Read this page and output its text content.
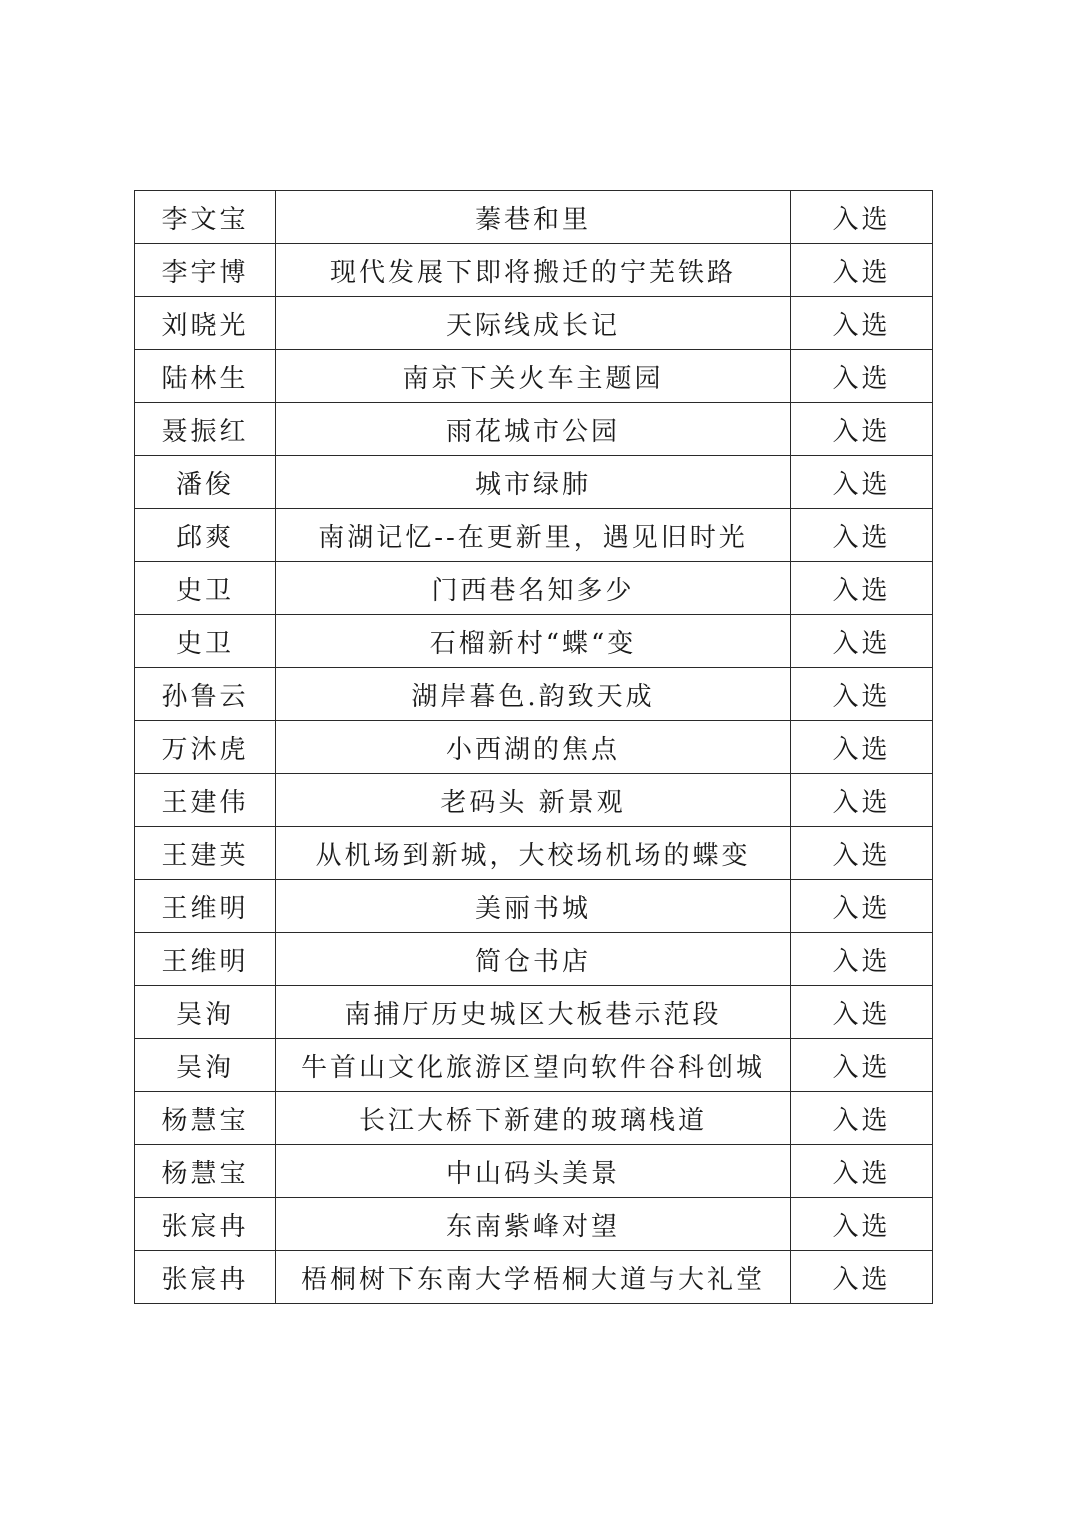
李文宝	蓁巷和里	入选
李宇博	现代发展下即将搬迁的宁芜铁路	入选
刘晓光	天际线成长记	入选
陆林生	南京下关火车主题园	入选
聂振红	雨花城市公园	入选
潘俊	城市绿肺	入选
邱爽	南湖记忆--在更新里，遇见旧时光	入选
史卫	门西巷名知多少	入选
史卫	石榴新村“蝶“变	入选
孙鲁云	湖岸暮色.韵致天成	入选
万沐虎	小西湖的焦点	入选
王建伟	老码头 新景观	入选
王建英	从机场到新城，大校场机场的蝶变	入选
王维明	美丽书城	入选
王维明	简仓书店	入选
吴洵	南捕厅历史城区大板巷示范段	入选
吴洵	牛首山文化旅游区望向软件谷科创城	入选
杨慧宝	长江大桥下新建的玻璃栈道	入选
杨慧宝	中山码头美景	入选
张宸冉	东南紫峰对望	入选
张宸冉	梧桐树下东南大学梧桐大道与大礼堂	入选
